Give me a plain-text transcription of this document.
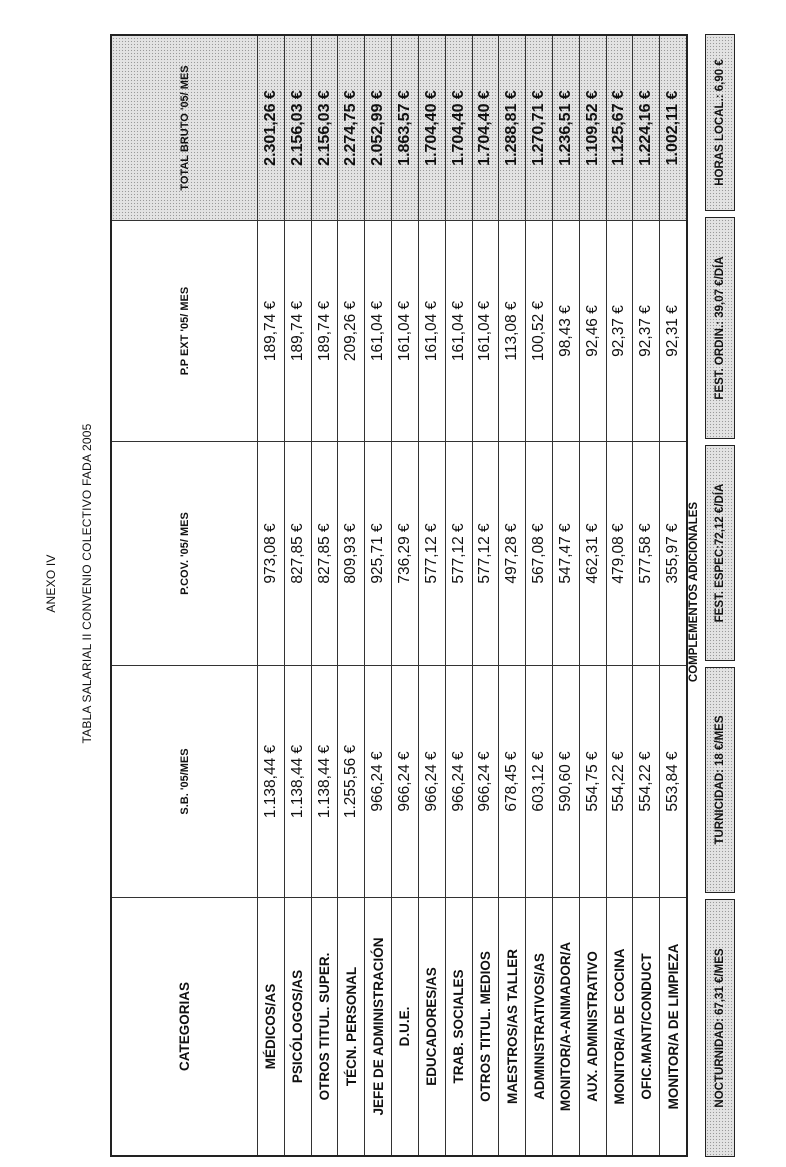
ANEXO IV TABLA SALARIAL II CONVENIO COLECTIVO FADA 2005
CATEGORIAS
S.B. '05/MES
P.COV. '05/ MES
P.P EXT '05/ MES
TOTAL BRUTO '05/ MES
MÉDICOS/AS
1.138,44 €
973,08 €
189,74 €
2.301,26 €
PSICÓLOGOS/AS
1.138,44 €
827,85 €
189,74 €
2.156,03 €
OTROS TITUL. SUPER.
1.138,44 €
827,85 €
189,74 €
2.156,03 €
TÉCN. PERSONAL
1.255,56 €
809,93 €
209,26 €
2.274,75 €
JEFE DE ADMINISTRACIÓN
966,24 €
925,71 €
161,04 €
2.052,99 €
D.U.E.
966,24 €
736,29 €
161,04 €
1.863,57 €
EDUCADORES/AS
966,24 €
577,12 €
161,04 €
1.704,40 €
TRAB. SOCIALES
966,24 €
577,12 €
161,04 €
1.704,40 €
OTROS TITUL. MEDIOS
966,24 €
577,12 €
161,04 €
1.704,40 €
MAESTROS/AS TALLER
678,45 €
497,28 €
113,08 €
1.288,81 €
ADMINISTRATIVOS/AS
603,12 €
567,08 €
100,52 €
1.270,71 €
MONITOR/A-ANIMADOR/A
590,60 €
547,47 €
98,43 €
1.236,51 €
AUX. ADMINISTRATIVO
554,75 €
462,31 €
92,46 €
1.109,52 €
MONITOR/A DE COCINA
554,22 €
479,08 €
92,37 €
1.125,67 €
OFIC.MANT/CONDUCT
554,22 €
577,58 €
92,37 €
1.224,16 €
MONITOR/A DE LIMPIEZA
553,84 €
355,97 €
92,31 €
1.002,11 €
COMPLEMENTOS ADICIONALES
NOCTURNIDAD: 67,31 €/MES
TURNICIDAD: 18 €/MES
FEST. ESPEC:72,12 €/DÍA
FEST. ORDIN.: 39,07 €/DÍA
HORAS LOCAL.: 6,90 €
